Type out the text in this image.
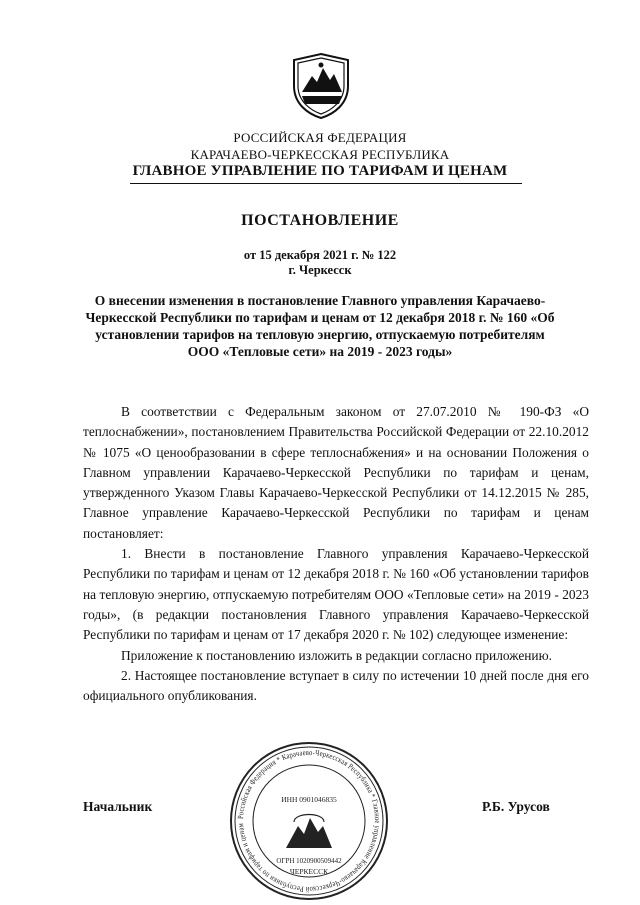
РОССИЙСКАЯ ФЕДЕРАЦИЯ
КАРАЧАЕВО-ЧЕРКЕССКАЯ РЕСПУБЛИКА
ГЛАВНОЕ УПРАВЛЕНИЕ ПО ТАРИФАМ И ЦЕНАМ
ПОСТАНОВЛЕНИЕ
от 15 декабря 2021 г. № 122
г. Черкесск
О внесении изменения в постановление Главного управления Карачаево-Черкесской Республики по тарифам и ценам от 12 декабря 2018 г. № 160 «Об установлении тарифов на тепловую энергию, отпускаемую потребителям ООО «Тепловые сети» на 2019 - 2023 годы»

В соответствии с Федеральным законом от 27.07.2010 № 190-ФЗ «О теплоснабжении», постановлением Правительства Российской Федерации от 22.10.2012 № 1075 «О ценообразовании в сфере теплоснабжения» и на основании Положения о Главном управлении Карачаево-Черкесской Республики по тарифам и ценам, утвержденного Указом Главы Карачаево-Черкесской Республики от 14.12.2015 № 285, Главное управление Карачаево-Черкесской Республики по тарифам и ценам постановляет:

1. Внести в постановление Главного управления Карачаево-Черкесской Республики по тарифам и ценам от 12 декабря 2018 г. № 160 «Об установлении тарифов на тепловую энергию, отпускаемую потребителям ООО «Тепловые сети» на 2019 - 2023 годы», (в редакции постановления Главного управления Карачаево-Черкесской Республики по тарифам и ценам от 17 декабря 2020 г. № 102) следующее изменение:

Приложение к постановлению изложить в редакции согласно приложению.

2. Настоящее постановление вступает в силу по истечении 10 дней после дня его официального опубликования.

Начальник	Р.Б. Урусов
Российская Федерация * Карачаево-Черкесская Республика * Главное управление Карачаево-Черкесской Республики по тарифам и ценам
ИНН 0901046835
ОГРН 1020900509442
ЧЕРКЕССК
